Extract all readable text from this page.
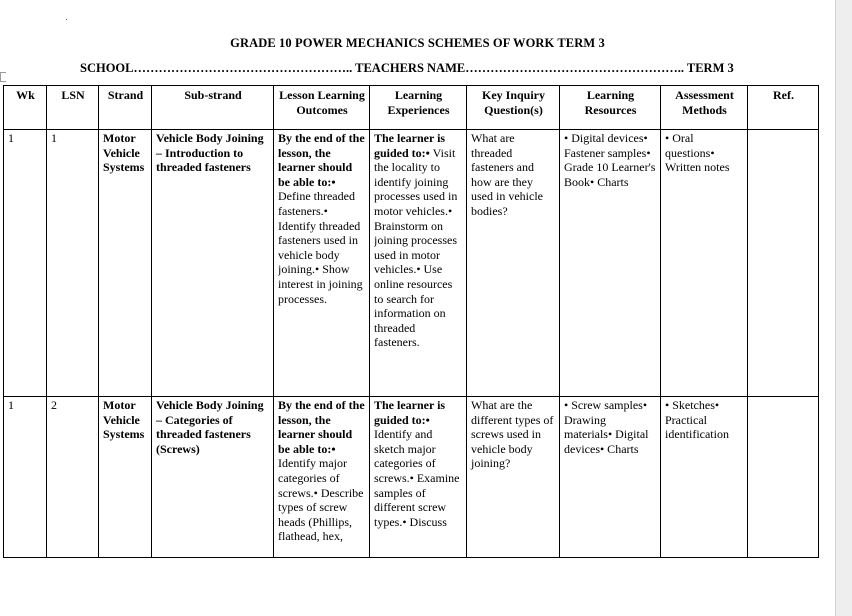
GRADE 10 POWER MECHANICS SCHEMES OF WORK TERM 3
SCHOOL…………………………………………….. TEACHERS NAME…………………………………………….. TERM 3
Wk	LSN	Strand	Sub-strand	Lesson Learning Outcomes	Learning Experiences	Key Inquiry Question(s)	Learning Resources	Assessment Methods	Ref.
1	1	Motor Vehicle Systems	Vehicle Body Joining – Introduction to threaded fasteners	By the end of the lesson, the learner should be able to:• Define threaded fasteners.• Identify threaded fasteners used in vehicle body joining.• Show interest in joining processes.	The learner is guided to:• Visit the locality to identify joining processes used in motor vehicles.• Brainstorm on joining processes used in motor vehicles.• Use online resources to search for information on threaded fasteners.	What are threaded fasteners and how are they used in vehicle bodies?	• Digital devices• Fastener samples• Grade 10 Learner's Book• Charts	• Oral questions• Written notes	
1	2	Motor Vehicle Systems	Vehicle Body Joining – Categories of threaded fasteners (Screws)	By the end of the lesson, the learner should be able to:• Identify major categories of screws.• Describe types of screw heads (Phillips, flathead, hex,	The learner is guided to:• Identify and sketch major categories of screws.• Examine samples of different screw types.• Discuss	What are the different types of screws used in vehicle body joining?	• Screw samples• Drawing materials• Digital devices• Charts	• Sketches• Practical identification	
